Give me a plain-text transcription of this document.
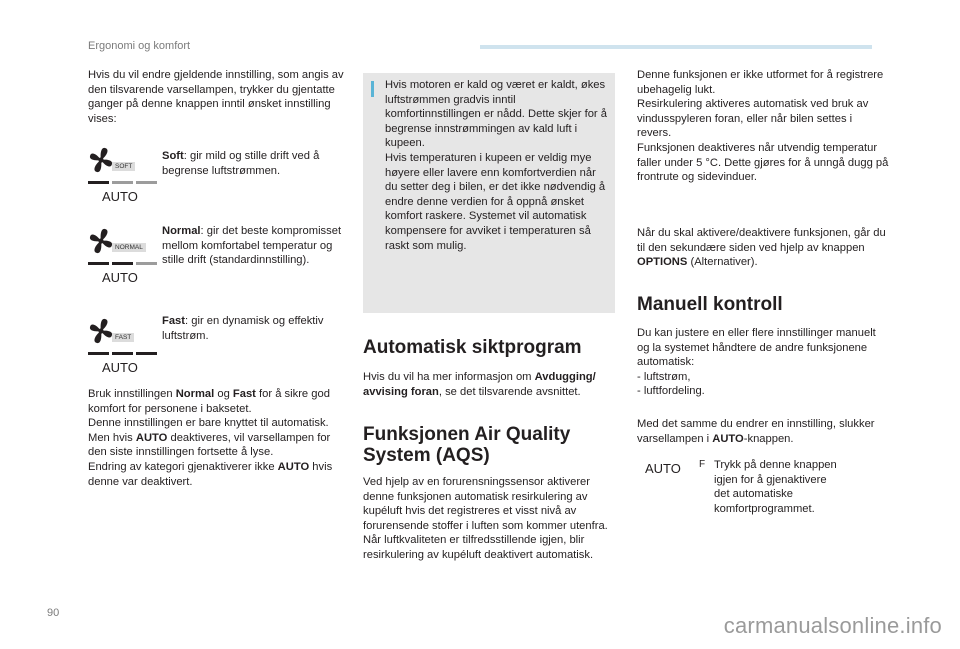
Ergonomi og komfort
90	carmanualsonline.info

Hvis du vil endre gjeldende innstilling, som angis av den tilsvarende varsellampen, trykker du gjentatte ganger på denne knappen inntil ønsket innstilling vises:

SOFT
AUTO

Soft: gir mild og stille drift ved å begrense luftstrømmen.

NORMAL
AUTO

Normal: gir det beste kompromisset mellom komfortabel temperatur og stille drift (standardinnstilling).

FAST
AUTO

Fast: gir en dynamisk og effektiv luftstrøm.

Bruk innstillingen Normal og Fast for å sikre god komfort for personene i baksetet.

Denne innstillingen er bare knyttet til automatisk. Men hvis AUTO deaktiveres, vil varsellampen for den siste innstillingen fortsette å lyse.

Endring av kategori gjenaktiverer ikke AUTO hvis denne var deaktivert.

Hvis motoren er kald og været er kaldt, økes luftstrømmen gradvis inntil komfortinnstillingen er nådd. Dette skjer for å begrense innstrømmingen av kald luft i kupeen.

Hvis temperaturen i kupeen er veldig mye høyere eller lavere enn komfortverdien når du setter deg i bilen, er det ikke nødvendig å endre denne verdien for å oppnå ønsket komfort raskere. Systemet vil automatisk kompensere for avviket i temperaturen så raskt som mulig.

Automatisk siktprogram

Hvis du vil ha mer informasjon om Avdugging/ avvising foran, se det tilsvarende avsnittet.

Funksjonen Air Quality
System (AQS)

Ved hjelp av en forurensningssensor aktiverer denne funksjonen automatisk resirkulering av kupéluft hvis det registreres et visst nivå av forurensende stoffer i luften som kommer utenfra.

Når luftkvaliteten er tilfredsstillende igjen, blir resirkulering av kupéluft deaktivert automatisk.

Denne funksjonen er ikke utformet for å registrere ubehagelig lukt.

Resirkulering aktiveres automatisk ved bruk av vindusspyleren foran, eller når bilen settes i revers.

Funksjonen deaktiveres når utvendig temperatur faller under 5 °C. Dette gjøres for å unngå dugg på frontrute og sidevinduer.

Når du skal aktivere/deaktivere funksjonen, går du til den sekundære siden ved hjelp av knappen OPTIONS (Alternativer).

Manuell kontroll

Du kan justere en eller flere innstillinger manuelt og la systemet håndtere de andre funksjonene automatisk:

- luftstrøm,

- luftfordeling.

Med det samme du endrer en innstilling, slukker varsellampen i AUTO-knappen.

AUTO F Trykk på denne knappen igjen for å gjenaktivere det automatiske komfortprogrammet.
